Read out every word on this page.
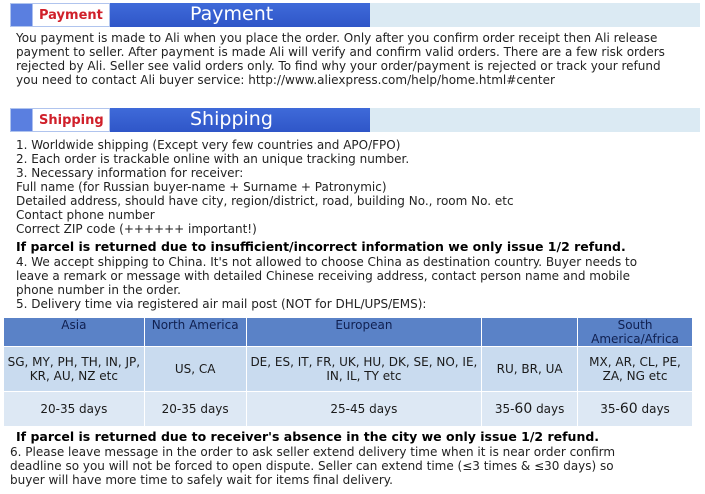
Payment	Payment
You payment is made to Ali when you place the order. Only after you confirm order receipt then Ali release
payment to seller. After payment is made Ali will verify and confirm valid orders. There are a few risk orders
rejected by Ali. Seller see valid orders only. To find why your order/payment is rejected or track your refund
you need to contact Ali buyer service: http://www.aliexpress.com/help/home.html#center
Shipping	Shipping
1. Worldwide shipping (Except very few countries and APO/FPO)
2. Each order is trackable online with an unique tracking number.
3. Necessary information for receiver:
Full name (for Russian buyer-name + Surname + Patronymic)
Detailed address, should have city, region/district, road, building No., room No. etc
Contact phone number
Correct ZIP code (++++++ important!)
If parcel is returned due to insufficient/incorrect information we only issue 1/2 refund.
4. We accept shipping to China. It's not allowed to choose China as destination country. Buyer needs to
leave a remark or message with detailed Chinese receiving address, contact person name and mobile
phone number in the order.
5. Delivery time via registered air mail post (NOT for DHL/UPS/EMS):
Asia	North America	European		South America/Africa
SG, MY, PH, TH, IN, JP, KR, AU, NZ etc	US, CA	DE, ES, IT, FR, UK, HU, DK, SE, NO, IE, IN, IL, TY etc	RU, BR, UA	MX, AR, CL, PE, ZA, NG etc
20-35 days	20-35 days	25-45 days	35-60 days	35-60 days
If parcel is returned due to receiver's absence in the city we only issue 1/2 refund.
6. Please leave message in the order to ask seller extend delivery time when it is near order confirm
deadline so you will not be forced to open dispute. Seller can extend time (≤3 times & ≤30 days) so
buyer will have more time to safely wait for items final delivery.
